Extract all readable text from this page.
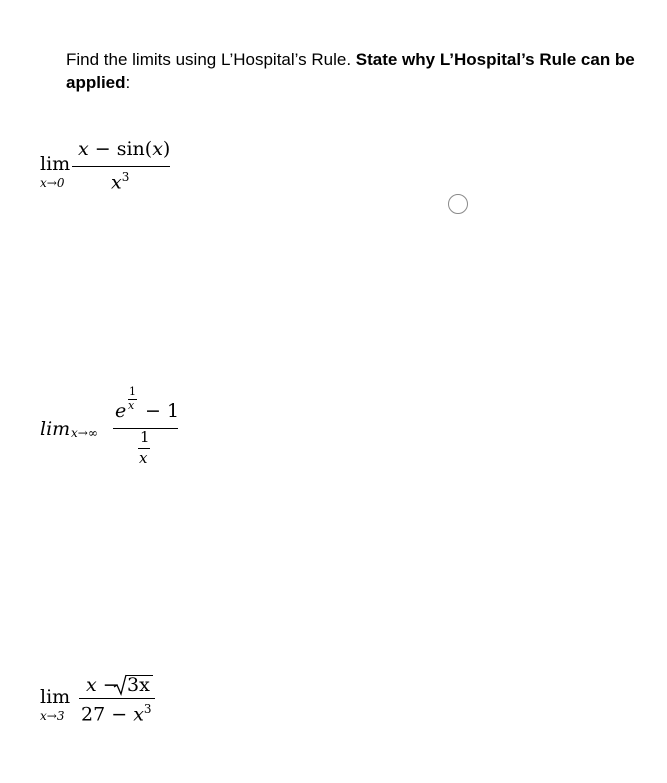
Find the limits using L’Hospital’s Rule. State why L’Hospital’s Rule can be applied:
lim
x→0
x − sin(x)
$x^3$
lim x→∞
e
1
x − 1
1
x
lim
x→3
x − 3x
$27 - x^3$
